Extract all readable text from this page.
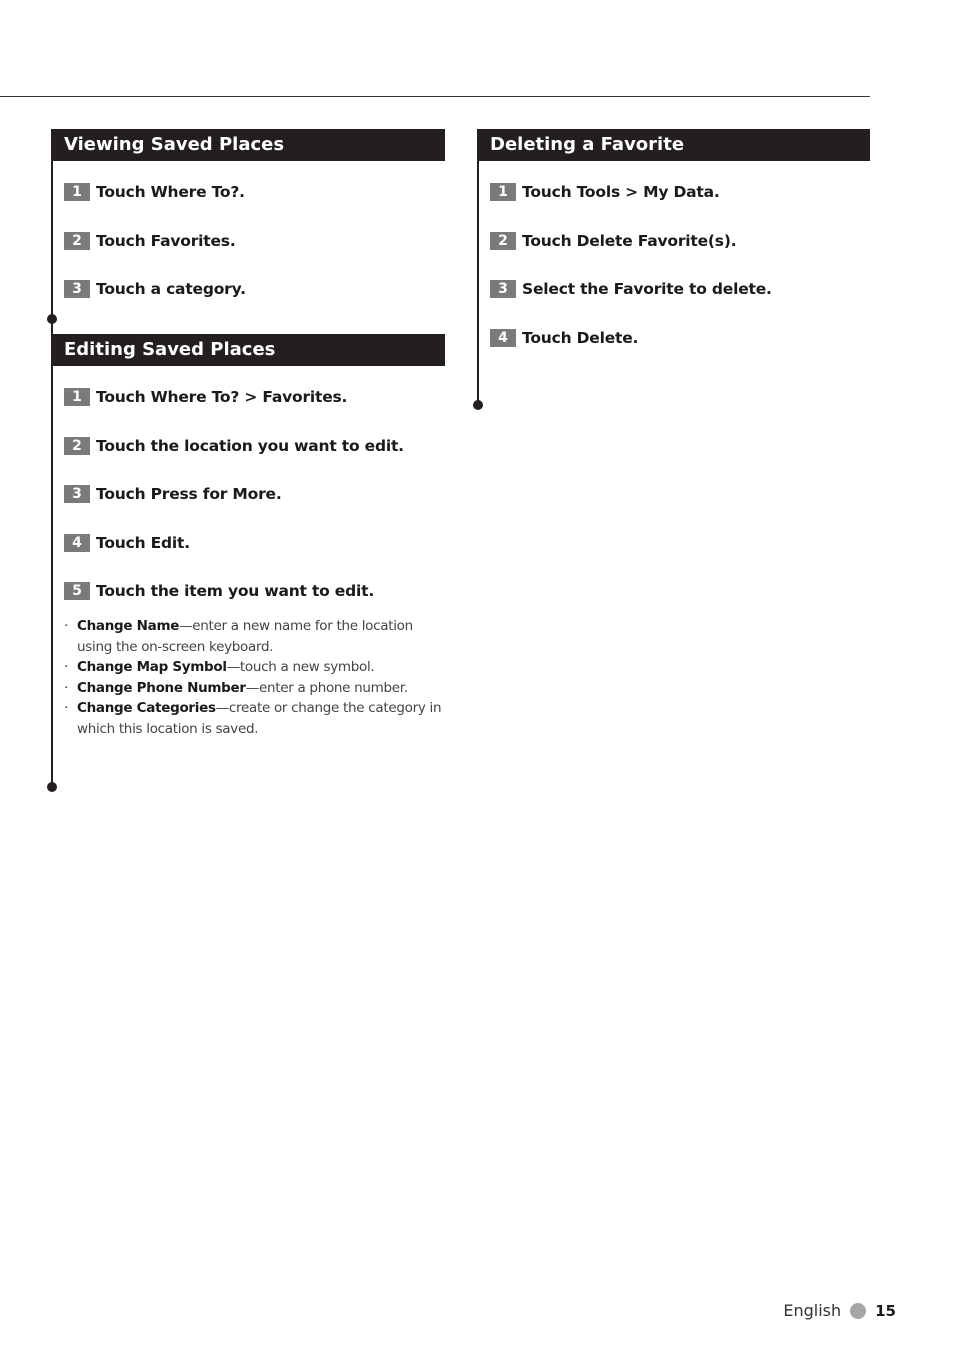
Viewing Saved Places
1 Touch Where To?.
2 Touch Favorites.
3 Touch a category.
Editing Saved Places
1 Touch Where To? > Favorites.
2 Touch the location you want to edit.
3 Touch Press for More.
4 Touch Edit.
5 Touch the item you want to edit.
· Change Name—enter a new name for the location using the on-screen keyboard.
· Change Map Symbol—touch a new symbol.
· Change Phone Number—enter a phone number.
· Change Categories—create or change the category in which this location is saved.
Deleting a Favorite
1 Touch Tools > My Data.
2 Touch Delete Favorite(s).
3 Select the Favorite to delete.
4 Touch Delete.
English 15
